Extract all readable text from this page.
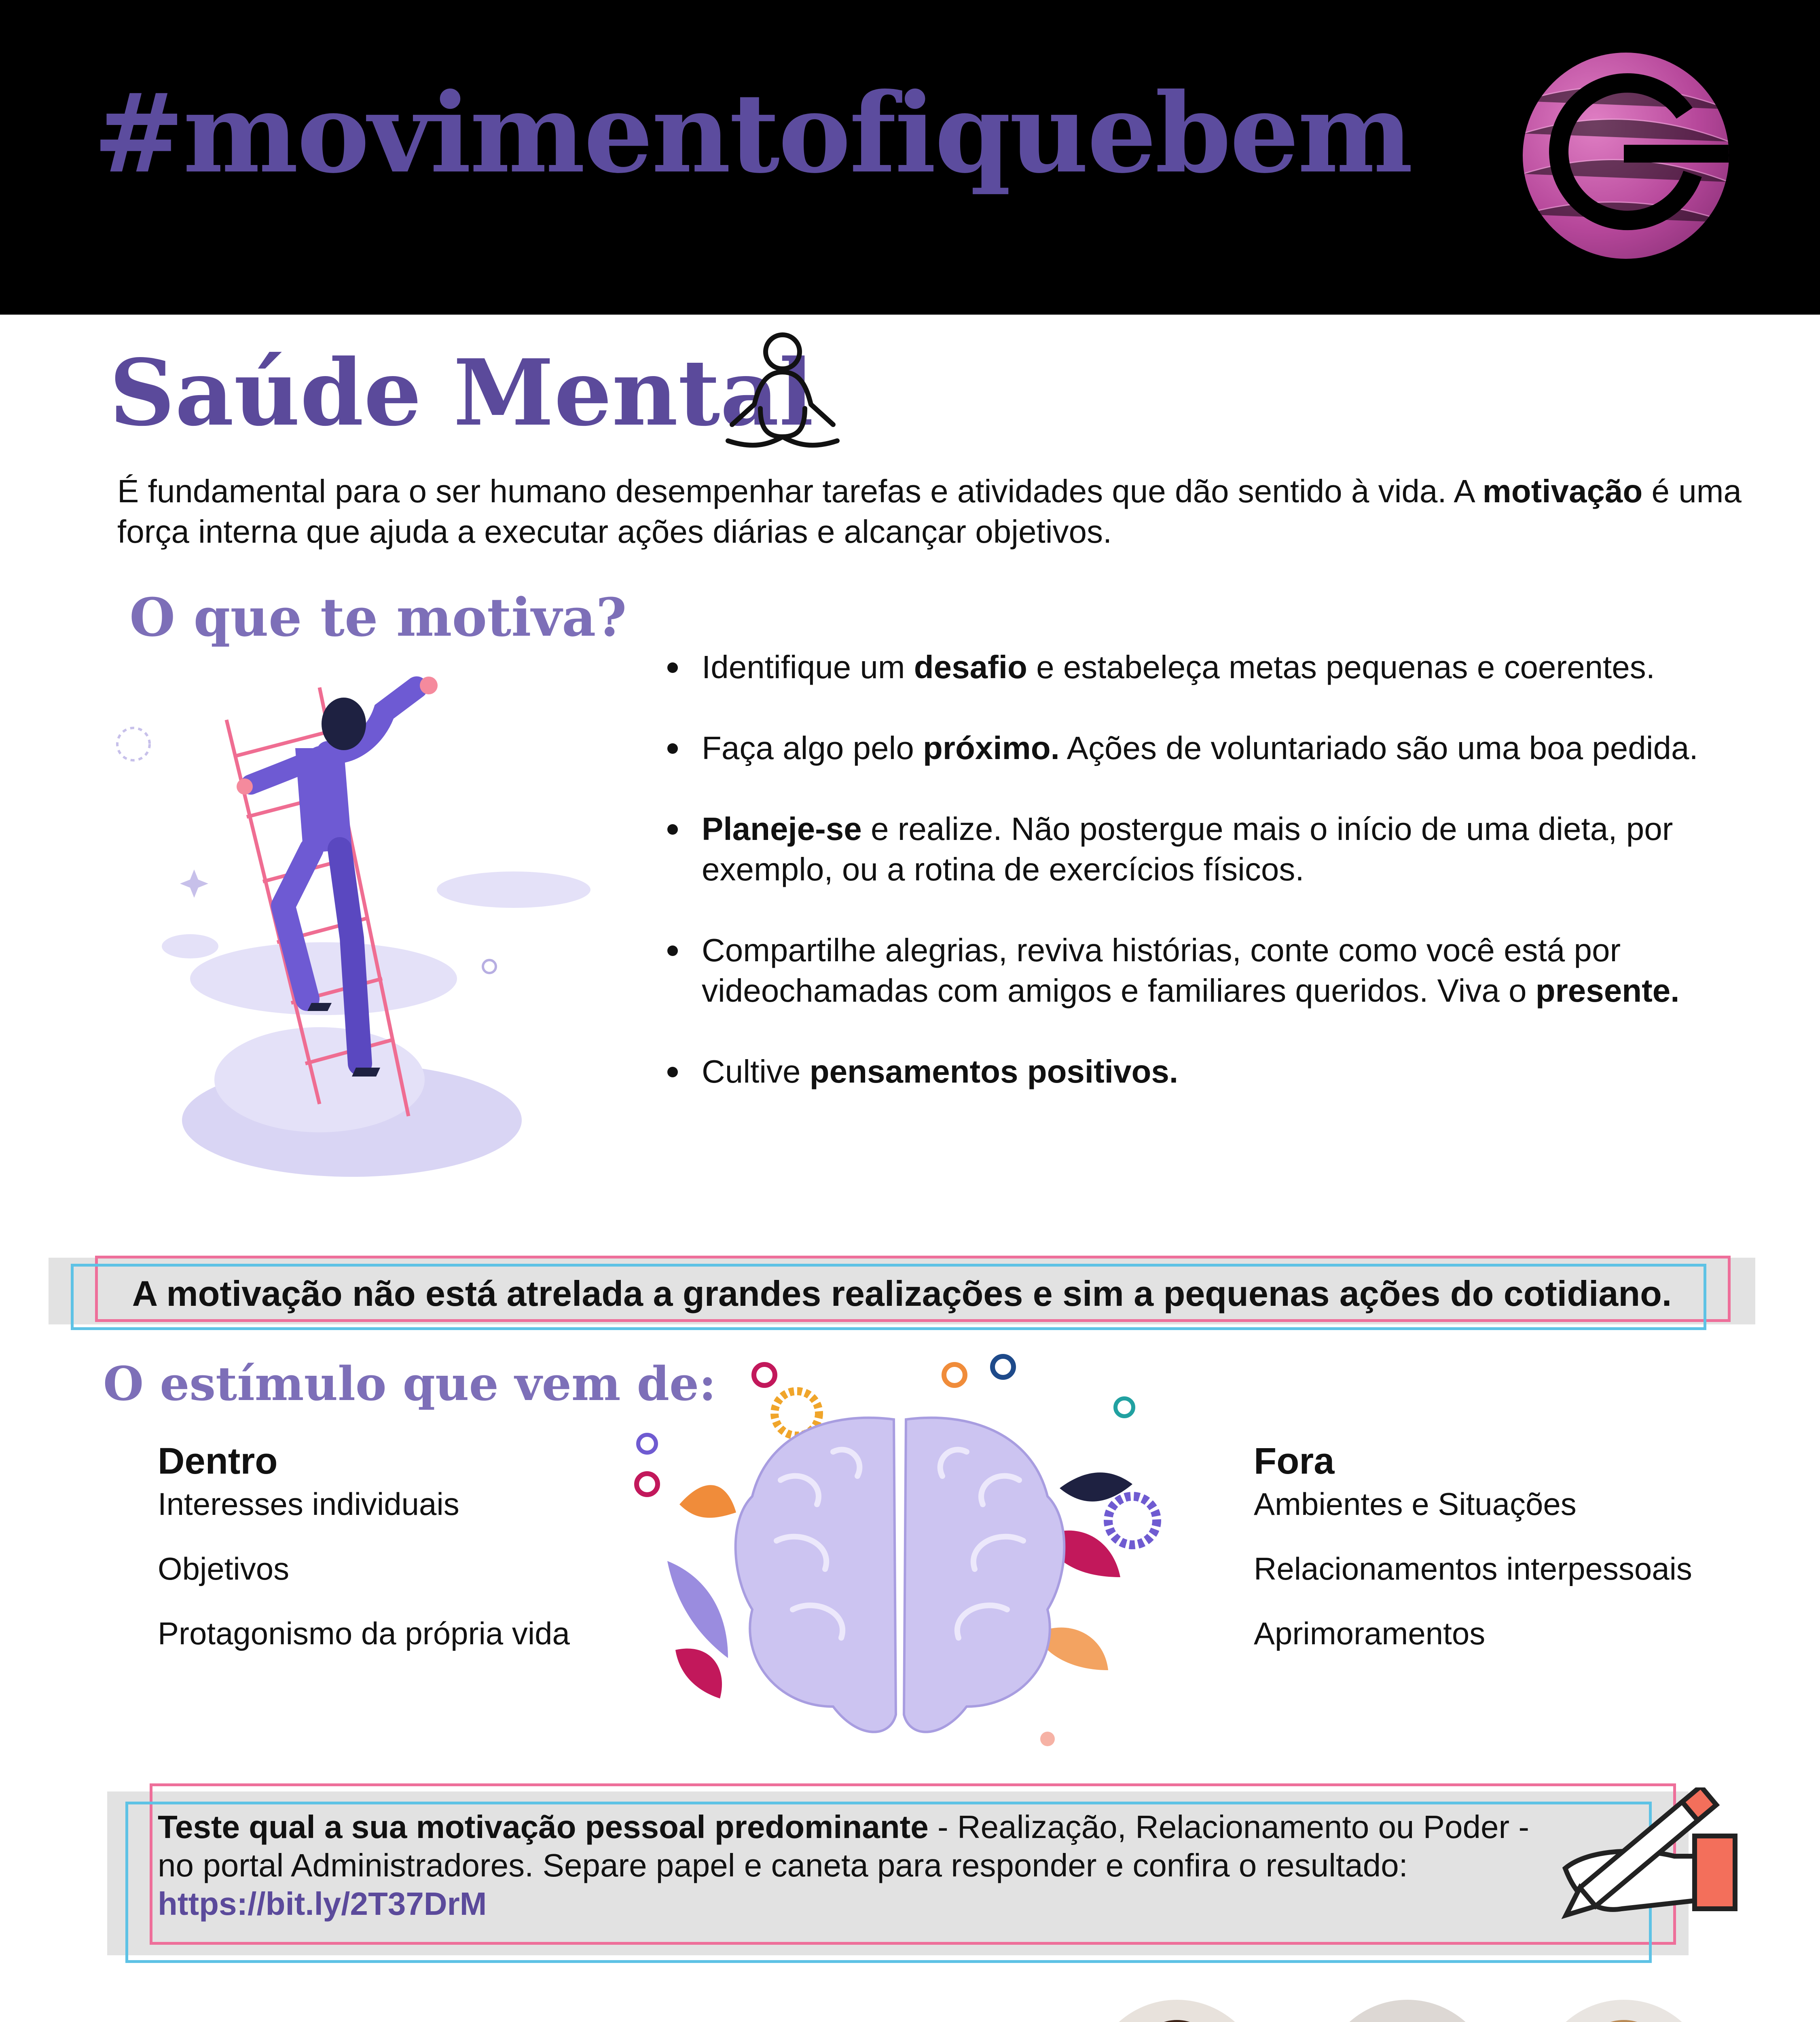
#movimentofiquebem
Saúde Mental
É fundamental para o ser humano desempenhar tarefas e atividades que dão sentido à vida. A motivação é uma força interna que ajuda a executar ações diárias e alcançar objetivos.
O que te motiva?
Identifique um desafio e estabeleça metas pequenas e coerentes.
Faça algo pelo próximo. Ações de voluntariado são uma boa pedida.
Planeje-se e realize. Não postergue mais o início de uma dieta, por exemplo, ou a rotina de exercícios físicos.
Compartilhe alegrias, reviva histórias, conte como você está por videochamadas com amigos e familiares queridos. Viva o presente.
Cultive pensamentos positivos.
A motivação não está atrelada a grandes realizações e sim a pequenas ações do cotidiano.
O estímulo que vem de:
Dentro
Interesses individuais
Objetivos
Protagonismo da própria vida
Fora
Ambientes e Situações
Relacionamentos interpessoais
Aprimoramentos
Teste qual a sua motivação pessoal predominante - Realização, Relacionamento ou Poder - no portal Administradores. Separe papel e caneta para responder e confira o resultado: https://bit.ly/2T37DrM
